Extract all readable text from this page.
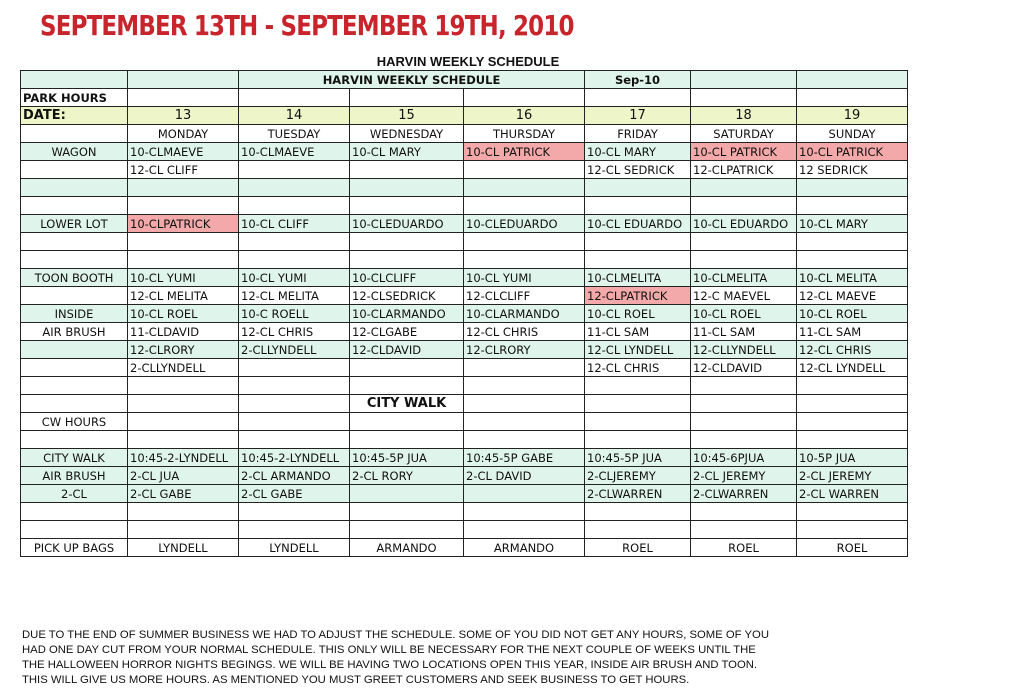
SEPTEMBER 13TH - SEPTEMBER 19TH, 2010
HARVIN WEEKLY SCHEDULE
		HARVIN WEEKLY SCHEDULE			Sep-10		
PARK HOURS							
DATE:	13	14	15	16	17	18	19
	MONDAY	TUESDAY	WEDNESDAY	THURSDAY	FRIDAY	SATURDAY	SUNDAY
WAGON	10-CLMAEVE	10-CLMAEVE	10-CL MARY	10-CL PATRICK	10-CL MARY	10-CL PATRICK	10-CL PATRICK
	12-CL CLIFF				12-CL SEDRICK	12-CLPATRICK	12 SEDRICK

LOWER LOT	10-CLPATRICK	10-CL CLIFF	10-CLEDUARDO	10-CLEDUARDO	10-CL EDUARDO	10-CL EDUARDO	10-CL MARY

TOON BOOTH	10-CL YUMI	10-CL YUMI	10-CLCLIFF	10-CL YUMI	10-CLMELITA	10-CLMELITA	10-CL MELITA
	12-CL MELITA	12-CL MELITA	12-CLSEDRICK	12-CLCLIFF	12-CLPATRICK	12-C MAEVEL	12-CL MAEVE
INSIDE	10-CL ROEL	10-C ROELL	10-CLARMANDO	10-CLARMANDO	10-CL ROEL	10-CL ROEL	10-CL ROEL
AIR BRUSH	11-CLDAVID	12-CL CHRIS	12-CLGABE	12-CL CHRIS	11-CL SAM	11-CL SAM	11-CL SAM
	12-CLRORY	2-CLLYNDELL	12-CLDAVID	12-CLRORY	12-CL LYNDELL	12-CLLYNDELL	12-CL CHRIS
	2-CLLYNDELL				12-CL CHRIS	12-CLDAVID	12-CL LYNDELL

			CITY WALK				
CW HOURS							

CITY WALK	10:45-2-LYNDELL	10:45-2-LYNDELL	10:45-5P JUA	10:45-5P GABE	10:45-5P JUA	10:45-6PJUA	10-5P JUA
AIR BRUSH	2-CL JUA	2-CL ARMANDO	2-CL RORY	2-CL DAVID	2-CLJEREMY	2-CL JEREMY	2-CL JEREMY
2-CL	2-CL GABE	2-CL GABE			2-CLWARREN	2-CLWARREN	2-CL WARREN

PICK UP BAGS	LYNDELL	LYNDELL	ARMANDO	ARMANDO	ROEL	ROEL	ROEL
DUE TO THE END OF SUMMER BUSINESS WE HAD TO ADJUST THE SCHEDULE. SOME OF YOU DID NOT GET ANY HOURS, SOME OF YOU
HAD ONE DAY CUT FROM YOUR NORMAL SCHEDULE. THIS ONLY WILL BE NECESSARY FOR THE NEXT COUPLE OF WEEKS UNTIL THE
THE HALLOWEEN HORROR NIGHTS BEGINGS. WE WILL BE HAVING TWO LOCATIONS OPEN THIS YEAR, INSIDE AIR BRUSH AND TOON.
THIS WILL GIVE US MORE HOURS. AS MENTIONED YOU MUST GREET CUSTOMERS AND SEEK BUSINESS TO GET HOURS.
